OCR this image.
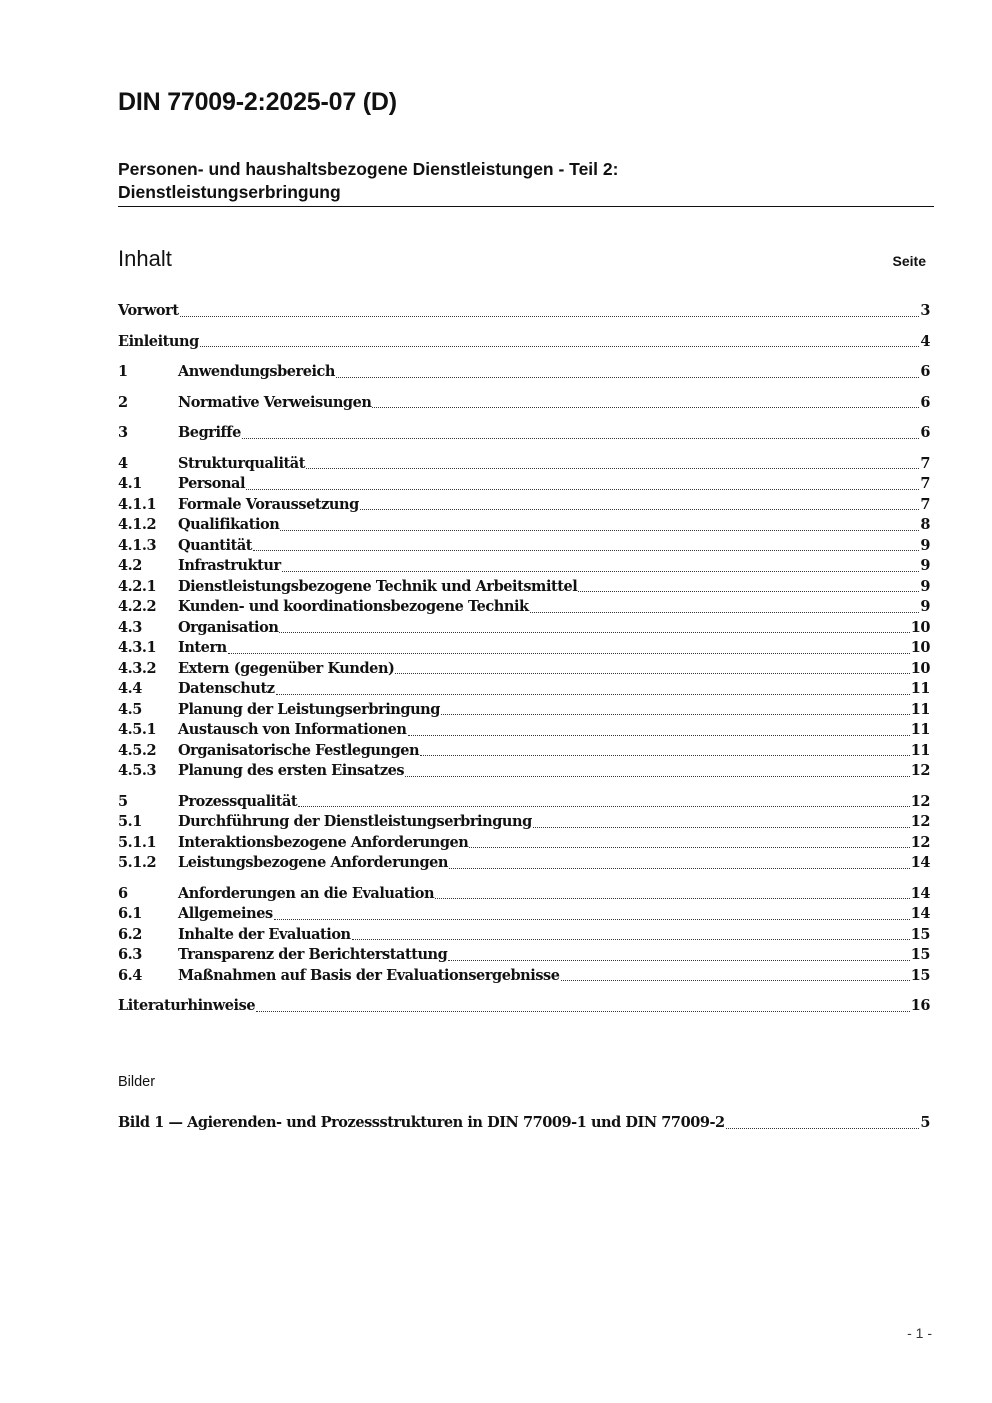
DIN 77009-2:2025-07 (D)
Personen- und haushaltsbezogene Dienstleistungen - Teil 2:
Dienstleistungserbringung
Inhalt	Seite
Vorwort	3
Einleitung	4
1	Anwendungsbereich	6
2	Normative Verweisungen	6
3	Begriffe	6
4	Strukturqualität	7
4.1	Personal	7
4.1.1	Formale Voraussetzung	7
4.1.2	Qualifikation	8
4.1.3	Quantität	9
4.2	Infrastruktur	9
4.2.1	Dienstleistungsbezogene Technik und Arbeitsmittel	9
4.2.2	Kunden- und koordinationsbezogene Technik	9
4.3	Organisation	10
4.3.1	Intern	10
4.3.2	Extern (gegenüber Kunden)	10
4.4	Datenschutz	11
4.5	Planung der Leistungserbringung	11
4.5.1	Austausch von Informationen	11
4.5.2	Organisatorische Festlegungen	11
4.5.3	Planung des ersten Einsatzes	12
5	Prozessqualität	12
5.1	Durchführung der Dienstleistungserbringung	12
5.1.1	Interaktionsbezogene Anforderungen	12
5.1.2	Leistungsbezogene Anforderungen	14
6	Anforderungen an die Evaluation	14
6.1	Allgemeines	14
6.2	Inhalte der Evaluation	15
6.3	Transparenz der Berichterstattung	15
6.4	Maßnahmen auf Basis der Evaluationsergebnisse	15
Literaturhinweise	16
Bilder
Bild 1 — Agierenden- und Prozessstrukturen in DIN 77009-1 und DIN 77009-2	5
- 1 -
